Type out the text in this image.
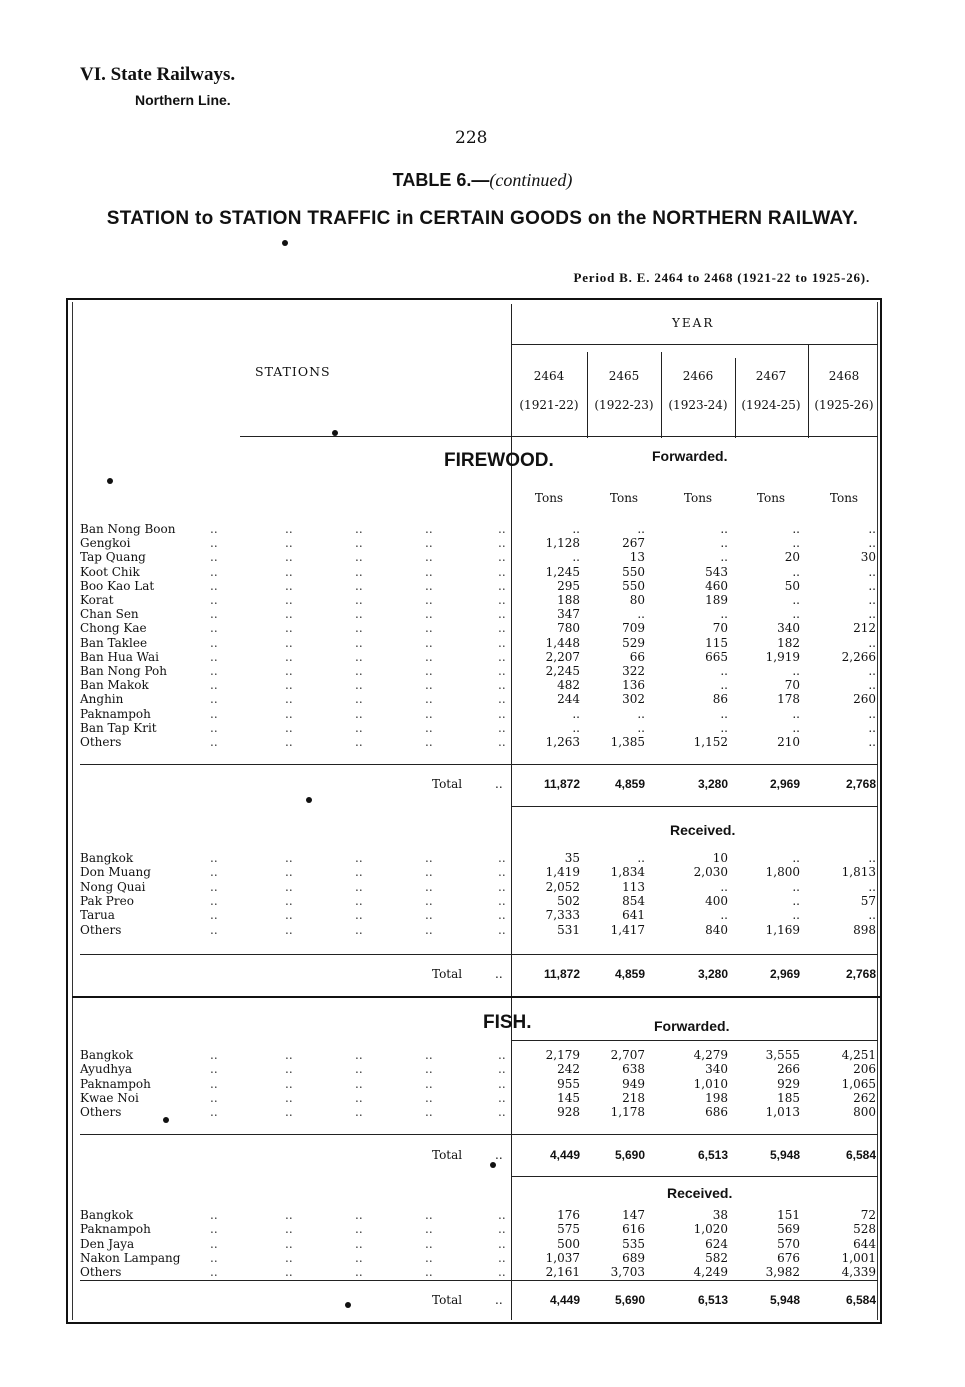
VI. State Railways.
Northern Line.
228
TABLE 6.—(continued)
STATION to STATION TRAFFIC in CERTAIN GOODS on the NORTHERN RAILWAY.
Period B. E. 2464 to 2468 (1921-22 to 1925-26).
STATIONS
YEAR
2464
(1921-22)
2465
(1922-23)
2466
(1923-24)
2467
(1924-25)
2468
(1925-26)
FIREWOOD.	Forwarded.
Tons	Tons	Tons	Tons	Tons
Ban Nong Boon	..	..	..	..	..	..	..	..	..	..
Gengkoi	..	..	..	..	..	1,128	267	..	..	..
Tap Quang	..	..	..	..	..	..	13	..	20	30
Koot Chik	..	..	..	..	..	1,245	550	543	..	..
Boo Kao Lat	..	..	..	..	..	295	550	460	50	..
Korat	..	..	..	..	..	188	80	189	..	..
Chan Sen	..	..	..	..	..	347	..	..	..	..
Chong Kae	..	..	..	..	..	780	709	70	340	212
Ban Taklee	..	..	..	..	..	1,448	529	115	182	..
Ban Hua Wai	..	..	..	..	..	2,207	66	665	1,919	2,266
Ban Nong Poh	..	..	..	..	..	2,245	322	..	..	..
Ban Makok	..	..	..	..	..	482	136	..	70	..
Anghin	..	..	..	..	..	244	302	86	178	260
Paknampoh	..	..	..	..	..	..	..	..	..	..
Ban Tap Krit	..	..	..	..	..	..	..	..	..	..
Others	..	..	..	..	..	1,263	1,385	1,152	210	..
Total	..	11,872	4,859	3,280	2,969	2,768
Received.
Bangkok	..	..	..	..	..	35	..	10	..	..
Don Muang	..	..	..	..	..	1,419	1,834	2,030	1,800	1,813
Nong Quai	..	..	..	..	..	2,052	113	..	..	..
Pak Preo	..	..	..	..	..	502	854	400	..	57
Tarua	..	..	..	..	..	7,333	641	..	..	..
Others	..	..	..	..	..	531	1,417	840	1,169	898
Total	..	11,872	4,859	3,280	2,969	2,768
FISH.	Forwarded.
Bangkok	..	..	..	..	..	2,179	2,707	4,279	3,555	4,251
Ayudhya	..	..	..	..	..	242	638	340	266	206
Paknampoh	..	..	..	..	..	955	949	1,010	929	1,065
Kwae Noi	..	..	..	..	..	145	218	198	185	262
Others	..	..	..	..	..	928	1,178	686	1,013	800
Total	..	4,449	5,690	6,513	5,948	6,584
Received.
Bangkok	..	..	..	..	..	176	147	38	151	72
Paknampoh	..	..	..	..	..	575	616	1,020	569	528
Den Jaya	..	..	..	..	..	500	535	624	570	644
Nakon Lampang ..	..	..	..	..	1,037	689	582	676	1,001
Others	..	..	..	..	..	2,161	3,703	4,249	3,982	4,339
Total	..	4,449	5,690	6,513	5,948	6,584
